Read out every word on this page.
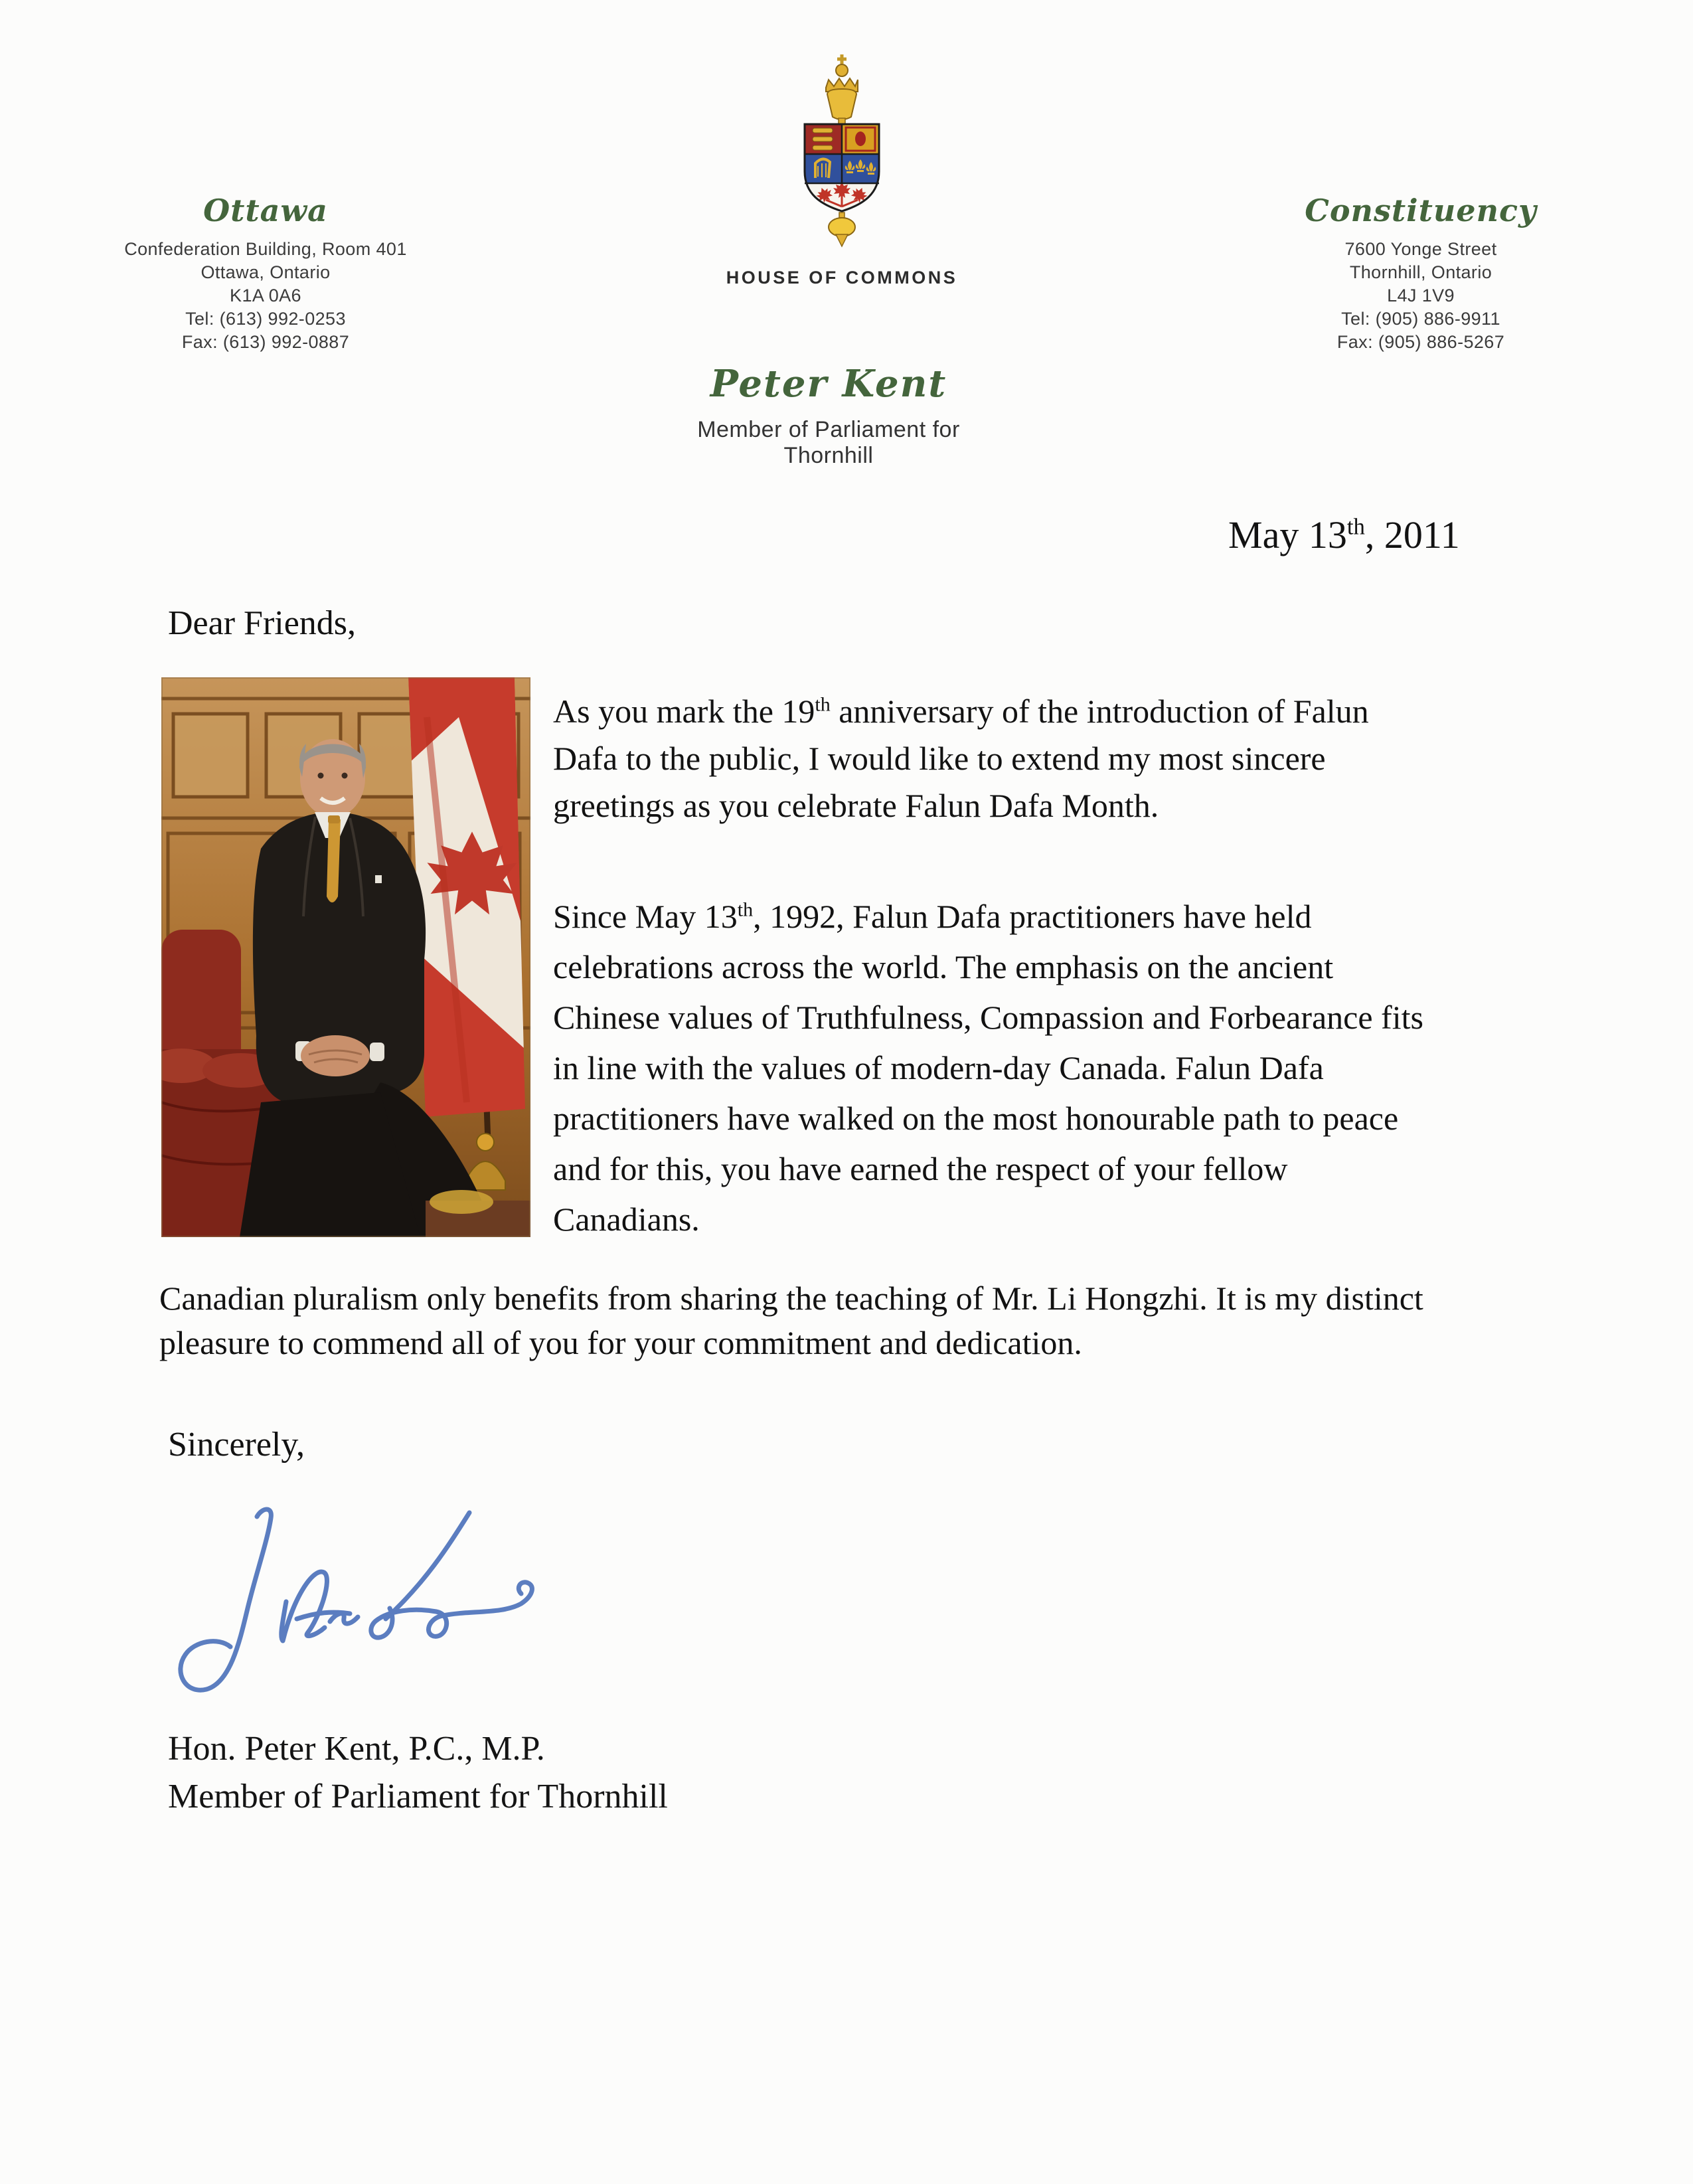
Ottawa
Confederation Building, Room 401
Ottawa, Ontario
K1A 0A6
Tel: (613) 992-0253
Fax: (613) 992-0887
Constituency
7600 Yonge Street
Thornhill, Ontario
L4J 1V9
Tel: (905) 886-9911
Fax: (905) 886-5267
HOUSE OF COMMONS
Peter Kent
Member of Parliament for Thornhill
May 13th, 2011
Dear Friends,
As you mark the 19th anniversary of the introduction of Falun Dafa to the public, I would like to extend my most sincere greetings as you celebrate Falun Dafa Month.
Since May 13th, 1992, Falun Dafa practitioners have held celebrations across the world. The emphasis on the ancient Chinese values of Truthfulness, Compassion and Forbearance fits in line with the values of modern-day Canada. Falun Dafa practitioners have walked on the most honourable path to peace and for this, you have earned the respect of your fellow Canadians.
Canadian pluralism only benefits from sharing the teaching of Mr. Li Hongzhi. It is my distinct pleasure to commend all of you for your commitment and dedication.
Sincerely,
Hon. Peter Kent, P.C., M.P.
Member of Parliament for Thornhill
